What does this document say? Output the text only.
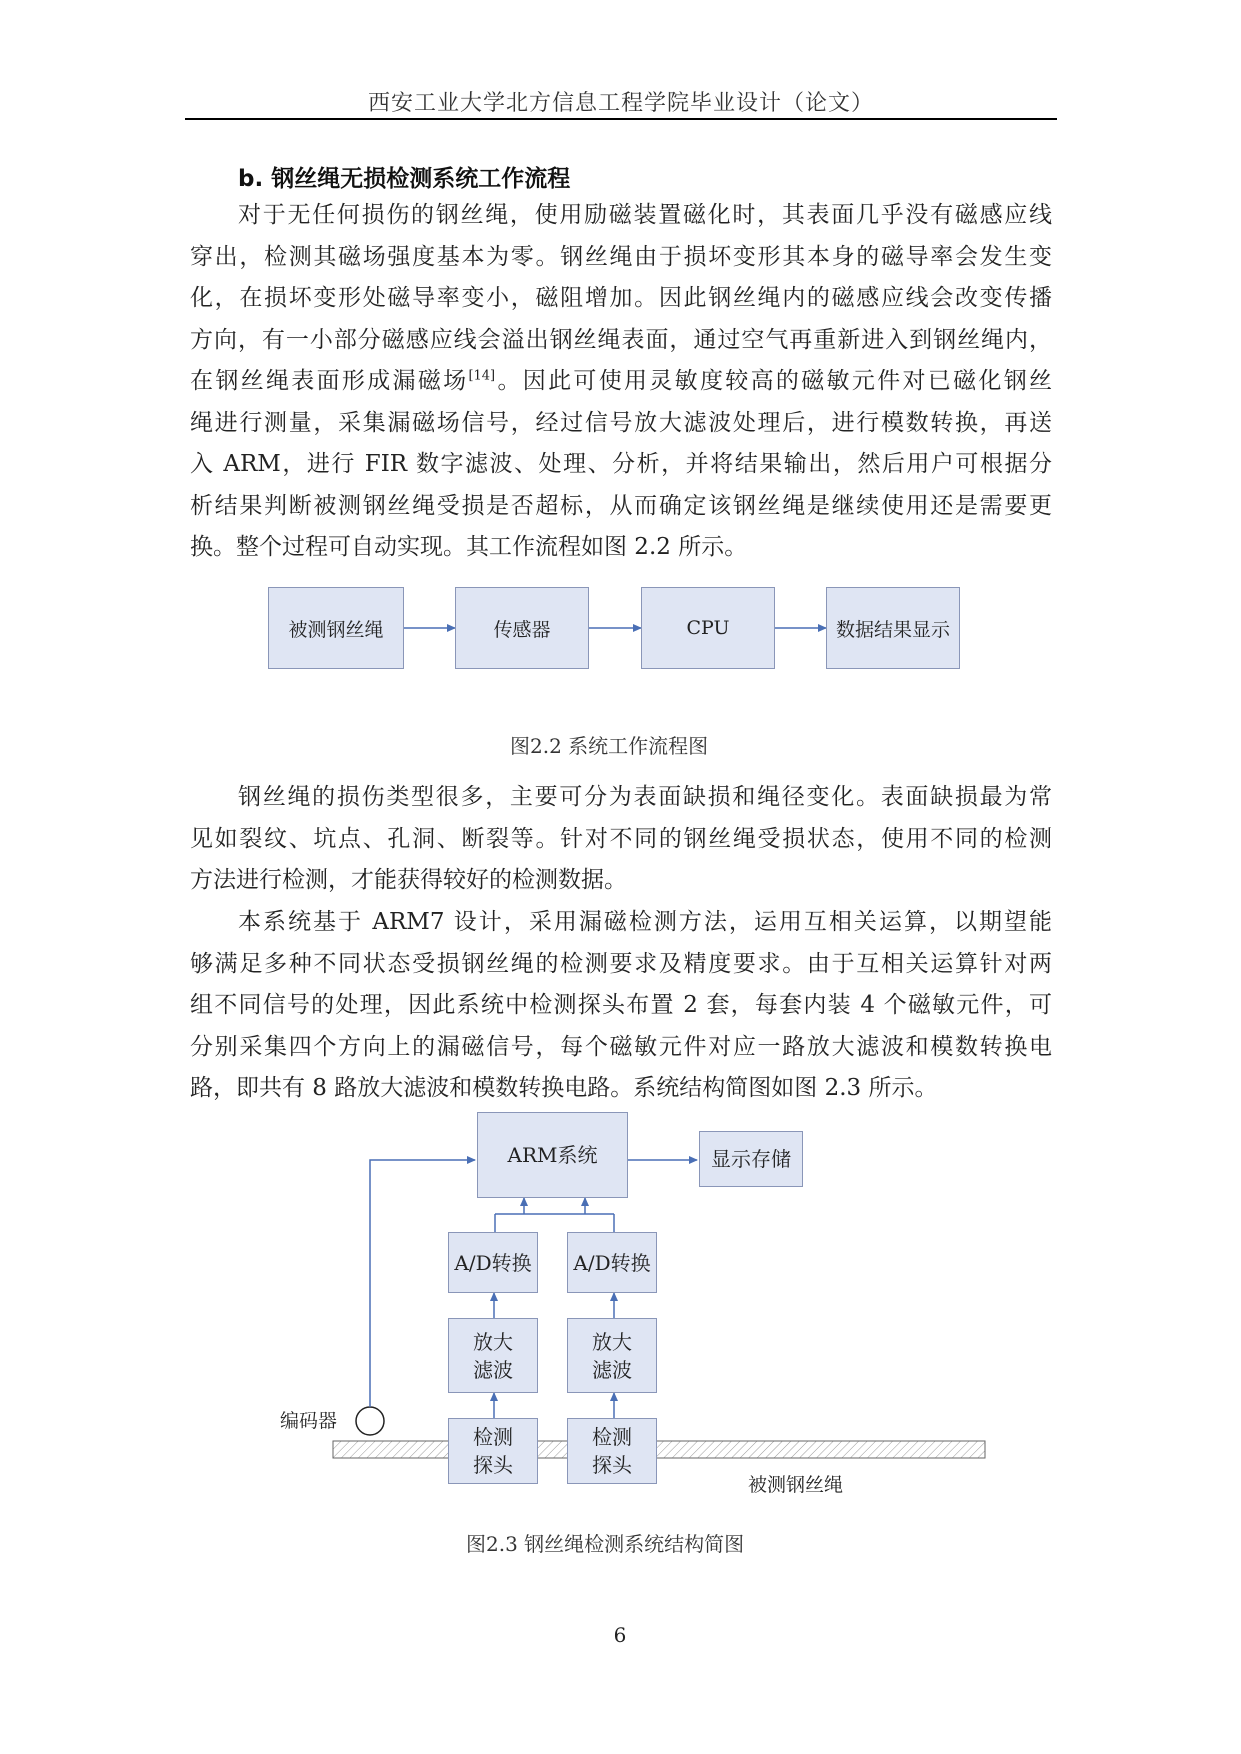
西安工业大学北方信息工程学院毕业设计（论文）
b. 钢丝绳无损检测系统工作流程
对于无任何损伤的钢丝绳，使用励磁装置磁化时，其表面几乎没有磁感应线
穿出，检测其磁场强度基本为零。钢丝绳由于损坏变形其本身的磁导率会发生变
化，在损坏变形处磁导率变小，磁阻增加。因此钢丝绳内的磁感应线会改变传播
方向，有一小部分磁感应线会溢出钢丝绳表面，通过空气再重新进入到钢丝绳内，
在钢丝绳表面形成漏磁场[14]。因此可使用灵敏度较高的磁敏元件对已磁化钢丝
绳进行测量，采集漏磁场信号，经过信号放大滤波处理后，进行模数转换，再送
入 ARM，进行 FIR 数字滤波、处理、分析，并将结果输出，然后用户可根据分
析结果判断被测钢丝绳受损是否超标，从而确定该钢丝绳是继续使用还是需要更
换。整个过程可自动实现。其工作流程如图 2.2 所示。
被测钢丝绳	传感器	CPU	数据结果显示
图2.2 系统工作流程图
钢丝绳的损伤类型很多，主要可分为表面缺损和绳径变化。表面缺损最为常
见如裂纹、坑点、孔洞、断裂等。针对不同的钢丝绳受损状态，使用不同的检测
方法进行检测，才能获得较好的检测数据。
本系统基于 ARM7 设计，采用漏磁检测方法，运用互相关运算，以期望能
够满足多种不同状态受损钢丝绳的检测要求及精度要求。由于互相关运算针对两
组不同信号的处理，因此系统中检测探头布置 2 套，每套内装 4 个磁敏元件，可
分别采集四个方向上的漏磁信号，每个磁敏元件对应一路放大滤波和模数转换电
路，即共有 8 路放大滤波和模数转换电路。系统结构简图如图 2.3 所示。
ARM系统	显示存储
A/D转换	A/D转换
放大
滤波
放大
滤波
检测
探头
检测
探头
编码器
被测钢丝绳
图2.3 钢丝绳检测系统结构简图
6
